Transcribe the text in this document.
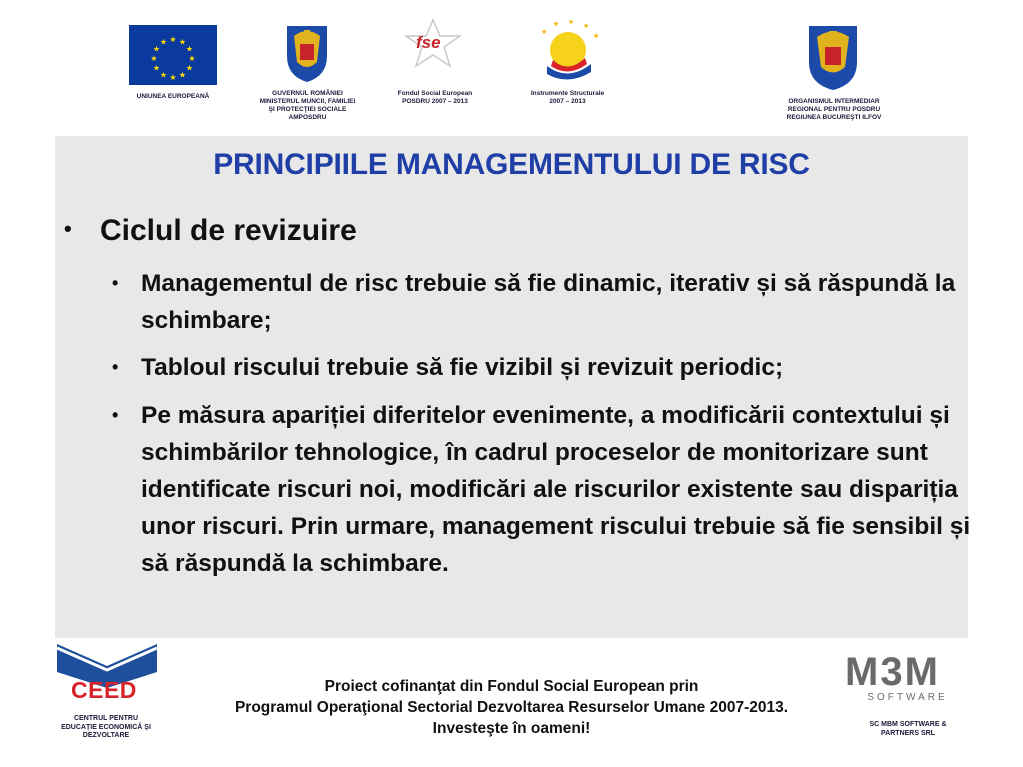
★ ★
★
★
★
★
★
★
★
★
★
★
UNIUNEA EUROPEANĂ	GUVERNUL ROMÂNIEI
MINISTERUL MUNCII, FAMILIEI
ŞI PROTECŢIEI SOCIALE
AMPOSDRU
fse
Fondul Social European
POSDRU 2007 – 2013
★
★ ★ ★
★
Instrumente Structurale
2007 – 2013	ORGANISMUL INTERMEDIAR
REGIONAL PENTRU POSDRU
REGIUNEA BUCUREŞTI ILFOV
PRINCIPIILE MANAGEMENTULUI DE RISC
• Ciclul de revizuire
• Managementul de risc trebuie să fie dinamic, iterativ și să răspundă la schimbare;
• Tabloul riscului trebuie să fie vizibil și revizuit periodic;
• Pe măsura apariției diferitelor evenimente, a modificării contextului și schimbărilor tehnologice, în cadrul proceselor de monitorizare sunt identificate riscuri noi, modificări ale riscurilor existente sau dispariția unor riscuri. Prin urmare, management riscului trebuie să fie sensibil și să răspundă la schimbare.
CEED
CENTRUL PENTRU
EDUCAȚIE ECONOMICĂ ȘI
DEZVOLTARE
Proiect cofinanţat din Fondul Social European prin
Programul Operaţional Sectorial Dezvoltarea Resurselor Umane 2007-2013.
Investeşte în oameni!
M3M
SOFTWARE
SC MBM SOFTWARE &
PARTNERS SRL
